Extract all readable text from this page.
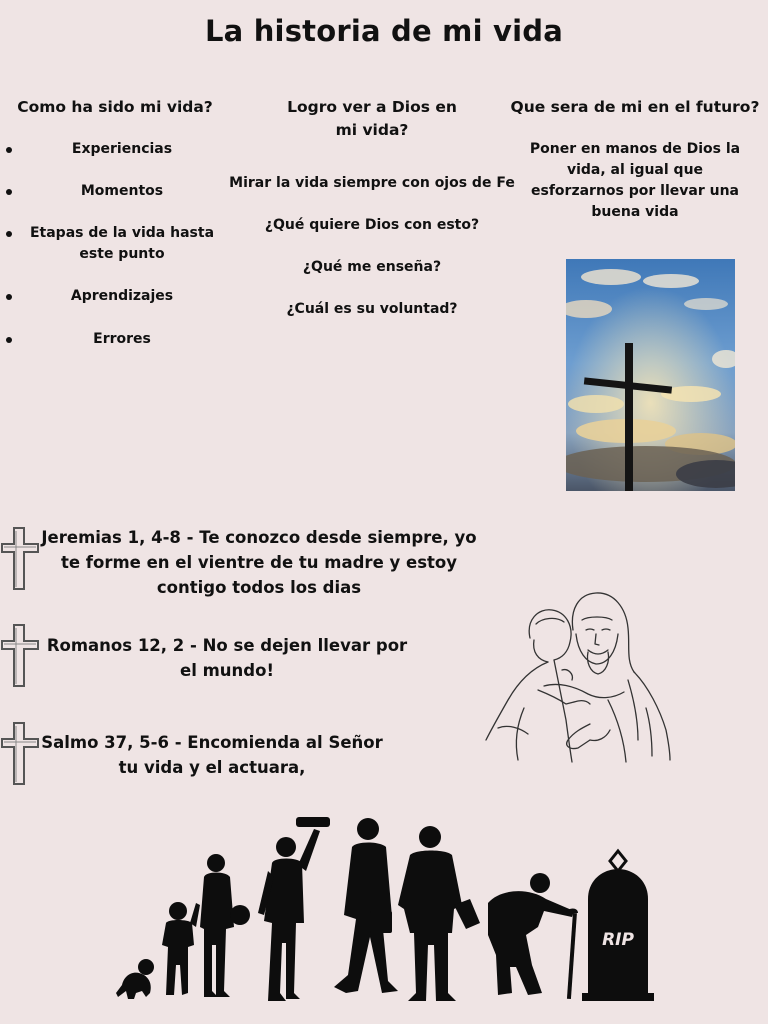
La historia de mi vida
Como ha sido mi vida?
Experiencias
Momentos
Etapas de la vida hasta este punto
Aprendizajes
Errores
Logro ver a Dios en
mi vida?
Mirar la vida siempre con ojos de Fe
¿Qué quiere Dios con esto?
¿Qué me enseña?
¿Cuál es su voluntad?
Que sera de mi en el futuro?
Poner en manos de Dios la vida, al igual que esforzarnos por llevar una buena vida
Jeremias 1, 4-8 - Te conozco desde siempre, yo te forme en el vientre de tu madre y estoy contigo todos los dias
Romanos 12, 2 - No se dejen llevar por el mundo!
Salmo 37, 5-6 - Encomienda al Señor tu vida y el actuara,
RIP
